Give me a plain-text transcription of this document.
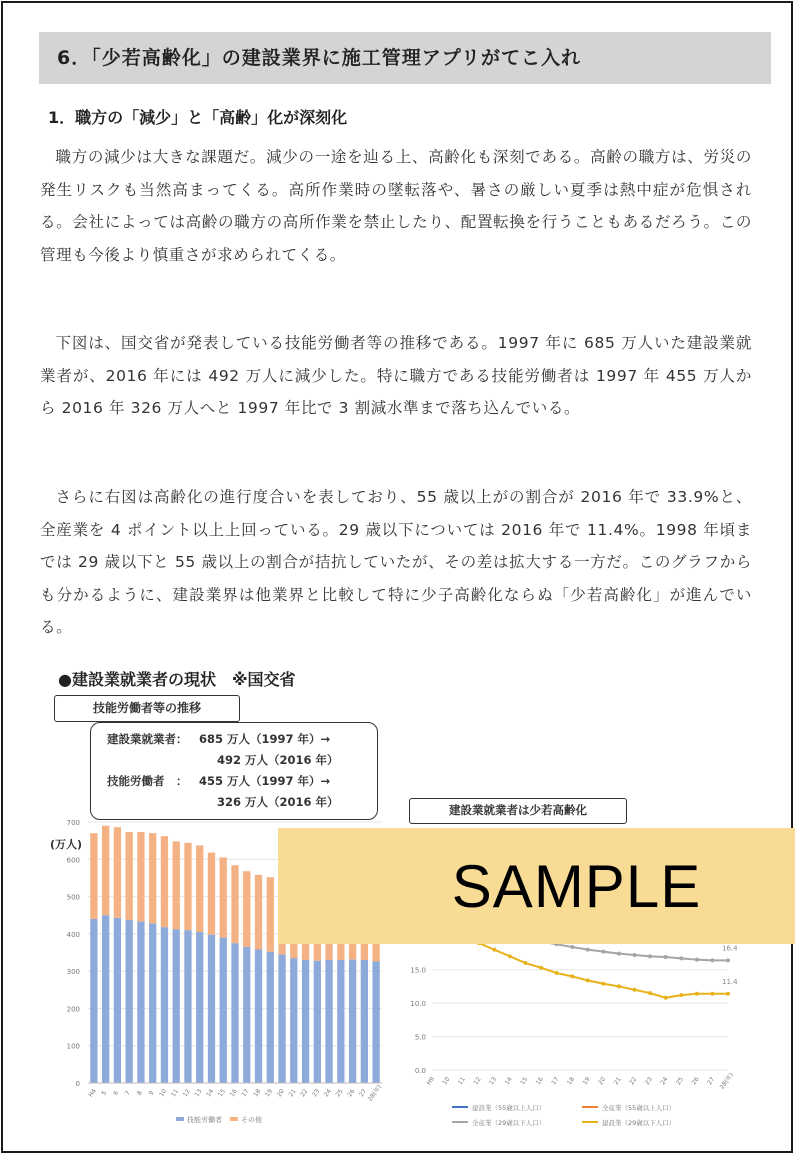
6．「少若高齢化」の建設業界に施工管理アプリがてこ入れ
1．職方の「減少」と「高齢」化が深刻化

職方の減少は大きな課題だ。減少の一途を辿る上、高齢化も深刻である。高齢の職方は、労災の発生リスクも当然高まってくる。高所作業時の墜転落や、暑さの厳しい夏季は熱中症が危惧される。会社によっては高齢の職方の高所作業を禁止したり、配置転換を行うこともあるだろう。この管理も今後より慎重さが求められてくる。

下図は、国交省が発表している技能労働者等の推移である。1997 年に 685 万人いた建設業就業者が、2016 年には 492 万人に減少した。特に職方である技能労働者は 1997 年 455 万人から 2016 年 326 万人へと 1997 年比で 3 割減水準まで落ち込んでいる。

さらに右図は高齢化の進行度合いを表しており、55 歳以上がの割合が 2016 年で 33.9%と、全産業を 4 ポイント以上上回っている。29 歳以下については 2016 年で 11.4%。1998 年頃までは 29 歳以下と 55 歳以上の割合が拮抗していたが、その差は拡大する一方だ。このグラフからも分かるように、建設業界は他業界と比較して特に少子高齢化ならぬ「少若高齢化」が進んでいる。

●建設業就業者の現状　※国交省
技能労働者等の推移
建設業就業者：	685 万人（1997 年）→
492 万人（2016 年）
技能労働者　：	455 万人（1997 年）→
326 万人（2016 年）
建設業就業者は少若高齢化
0
100
200
300
400
500
600
700
(万人)
H4 5 6 7 8 9 10 11 12 13 14 15 16 17 18 19 20 21 22 23 24 25 26 27
28(年)
技能労働者	その他
0.0
5.0
10.0
15.0
16.4
11.4
H9 10 11 12 13 14 15 16 17 18 19 20 21 22 23 24 25 26 27 28(年)
建設業（55歳以上人口）	全産業（55歳以上人口）
全産業（29歳以下人口）	建設業（29歳以下人口）
SAMPLE
